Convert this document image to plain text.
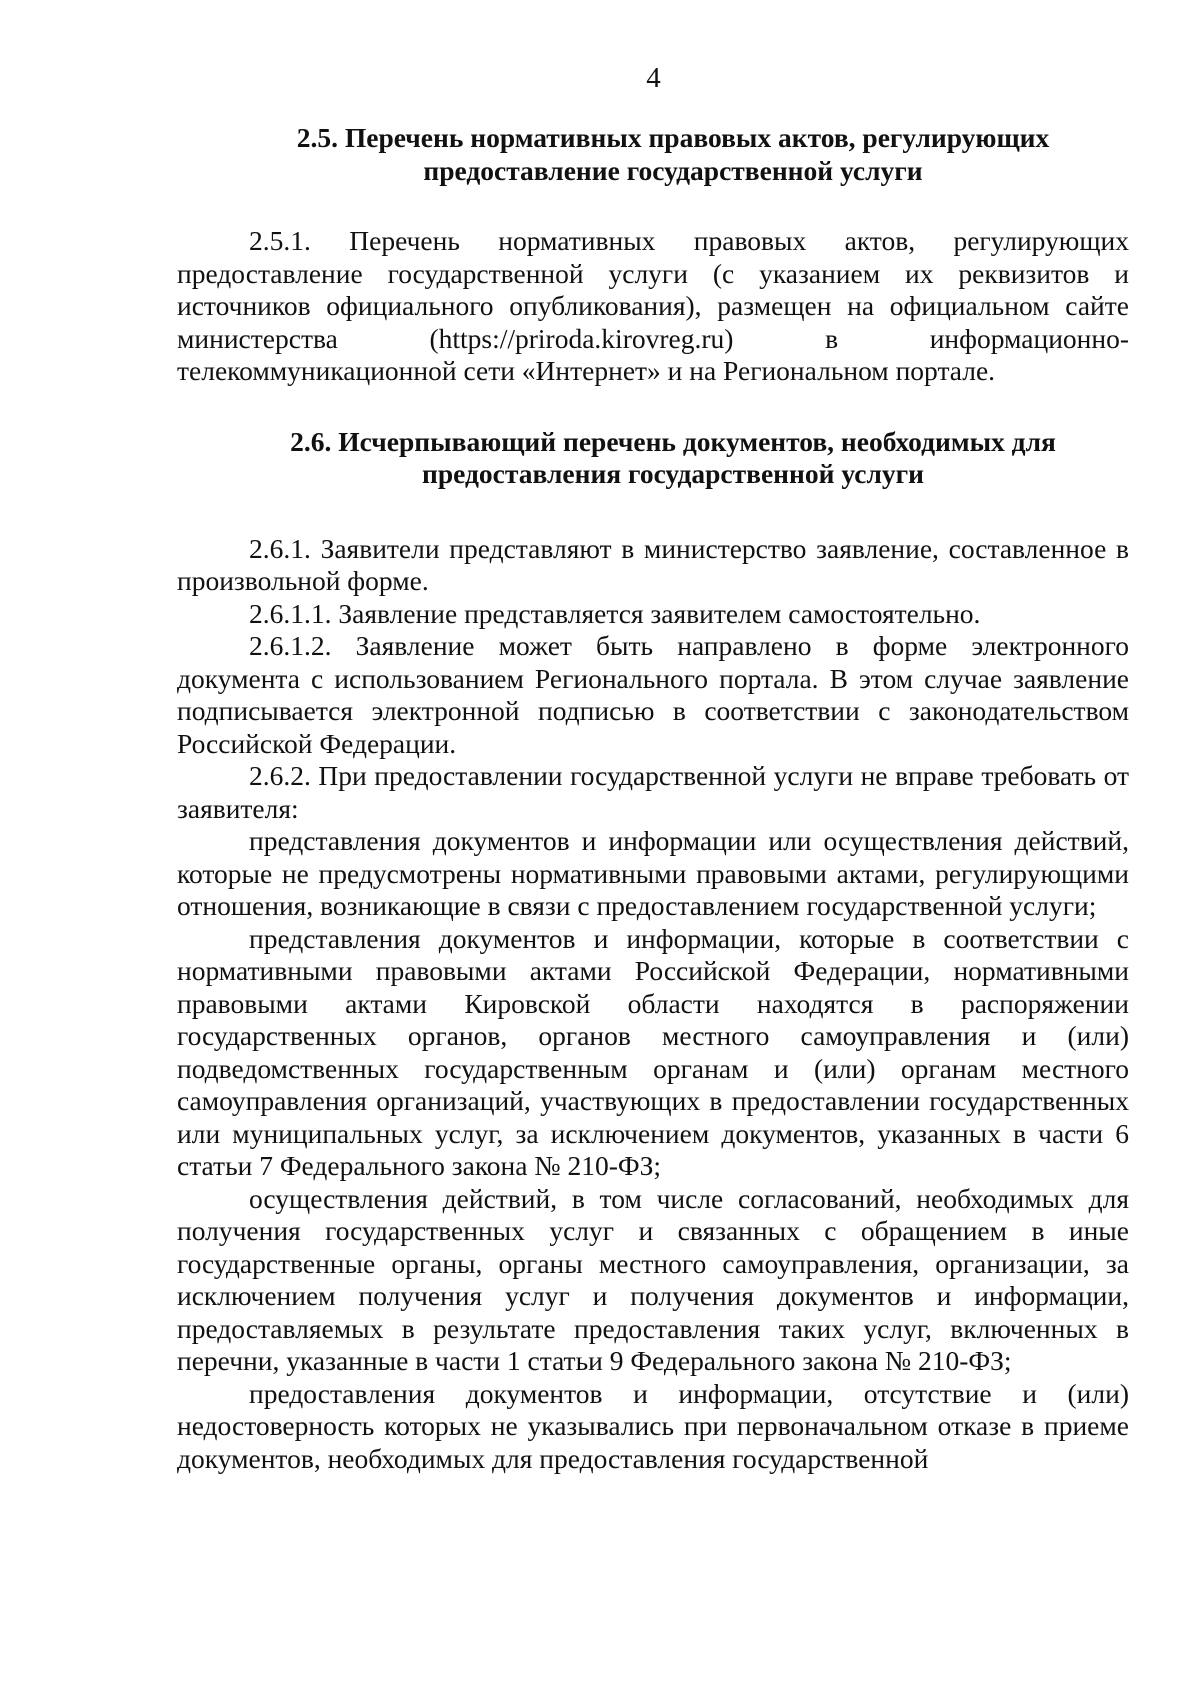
4
2.5. Перечень нормативных правовых актов, регулирующих предоставление государственной услуги

2.5.1. Перечень нормативных правовых актов, регулирующих предоставление государственной услуги (с указанием их реквизитов и источников официального опубликования), размещен на официальном сайте министерства (https://priroda.kirovreg.ru) в информационно-телекоммуникационной сети «Интернет» и на Региональном портале.

2.6. Исчерпывающий перечень документов, необходимых для предоставления государственной услуги

2.6.1. Заявители представляют в министерство заявление, составленное в произвольной форме.

2.6.1.1. Заявление представляется заявителем самостоятельно.

2.6.1.2. Заявление может быть направлено в форме электронного документа с использованием Регионального портала. В этом случае заявление подписывается электронной подписью в соответствии с законодательством Российской Федерации.

2.6.2. При предоставлении государственной услуги не вправе требовать от заявителя:

представления документов и информации или осуществления действий, которые не предусмотрены нормативными правовыми актами, регулирующими отношения, возникающие в связи с предоставлением государственной услуги;

представления документов и информации, которые в соответствии с нормативными правовыми актами Российской Федерации, нормативными правовыми актами Кировской области находятся в распоряжении государственных органов, органов местного самоуправления и (или) подведомственных государственным органам и (или) органам местного самоуправления организаций, участвующих в предоставлении государственных или муниципальных услуг, за исключением документов, указанных в части 6 статьи 7 Федерального закона № 210-ФЗ;

осуществления действий, в том числе согласований, необходимых для получения государственных услуг и связанных с обращением в иные государственные органы, органы местного самоуправления, организации, за исключением получения услуг и получения документов и информации, предоставляемых в результате предоставления таких услуг, включенных в перечни, указанные в части 1 статьи 9 Федерального закона № 210-ФЗ;

предоставления документов и информации, отсутствие и (или) недостоверность которых не указывались при первоначальном отказе в приеме документов, необходимых для предоставления государственной
